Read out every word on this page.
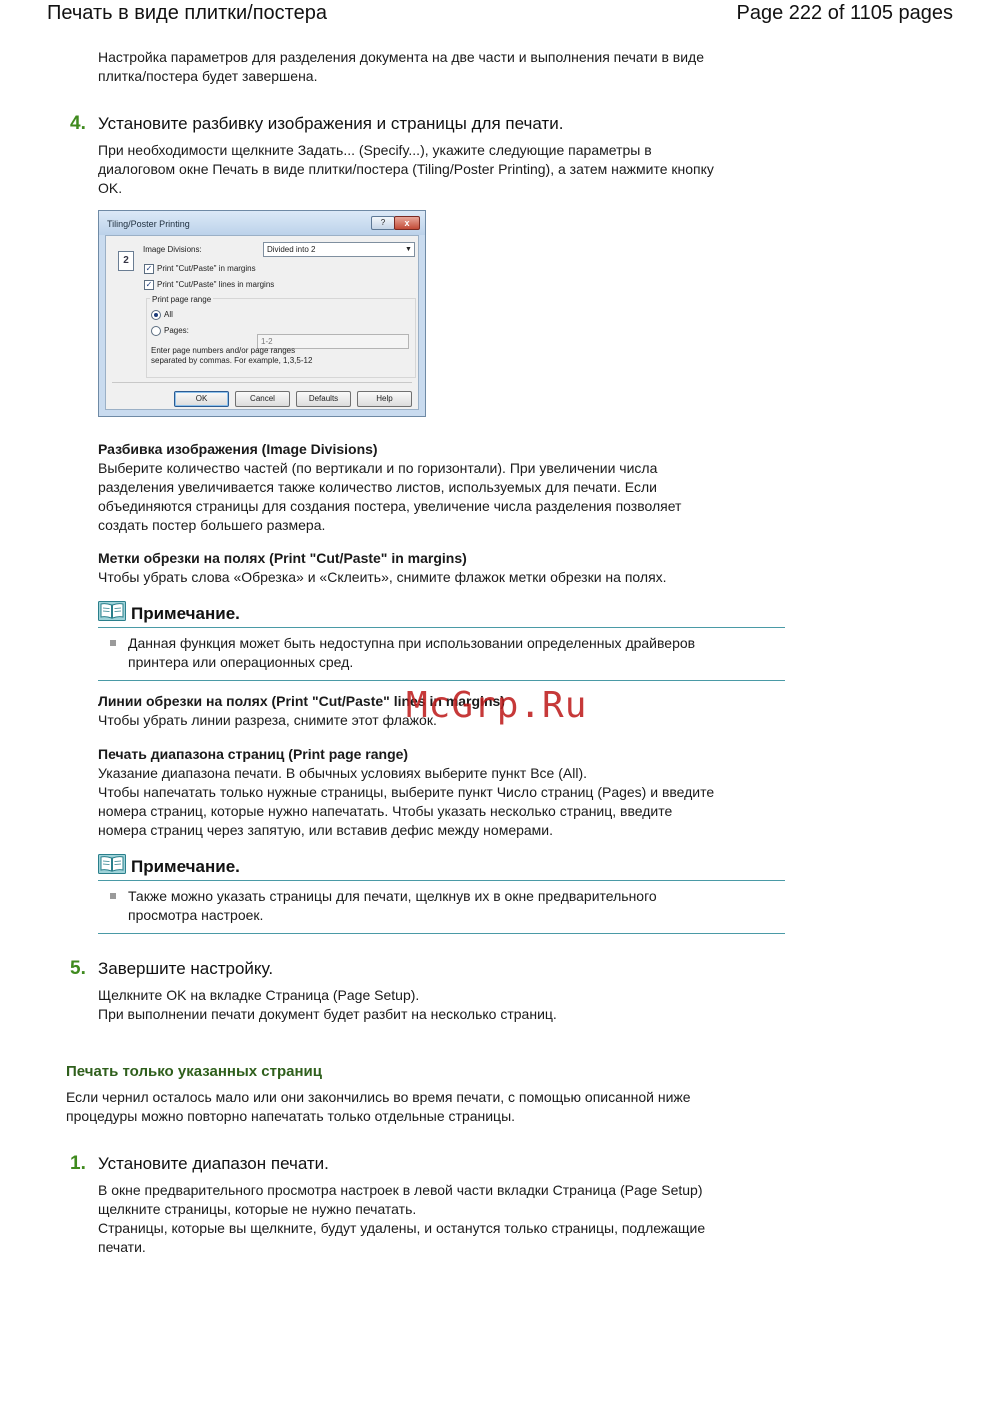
Печать в виде плитки/постера	Page 222 of 1105 pages
Настройка параметров для разделения документа на две части и выполнения печати в виде
плитка/постера будет завершена.
4. Установите разбивку изображения и страницы для печати.
При необходимости щелкните Задать... (Specify...), укажите следующие параметры в
диалоговом окне Печать в виде плитки/постера (Tiling/Poster Printing), а затем нажмите кнопку
OK.
Tiling/Poster Printing	?	x
2
Image Divisions:	Divided into 2	▼
✓ Print "Cut/Paste" in margins
✓ Print "Cut/Paste" lines in margins
Print page range
All
Pages:
1-2
Enter page numbers and/or page ranges
separated by commas. For example, 1,3,5-12
OK	Cancel	Defaults	Help
Разбивка изображения (Image Divisions)
Выберите количество частей (по вертикали и по горизонтали). При увеличении числа
разделения увеличивается также количество листов, используемых для печати. Если
объединяются страницы для создания постера, увеличение числа разделения позволяет
создать постер большего размера.
Метки обрезки на полях (Print "Cut/Paste" in margins)
Чтобы убрать слова «Обрезка» и «Склеить», снимите флажок метки обрезки на полях.
Примечание.
Данная функция может быть недоступна при использовании определенных драйверов
принтера или операционных сред.
Линии обрезки на полях (Print "Cut/Paste" lines in margins)
Чтобы убрать линии разреза, снимите этот флажок.
Печать диапазона страниц (Print page range)
Указание диапазона печати. В обычных условиях выберите пункт Все (All).
Чтобы напечатать только нужные страницы, выберите пункт Число страниц (Pages) и введите
номера страниц, которые нужно напечатать. Чтобы указать несколько страниц, введите
номера страниц через запятую, или вставив дефис между номерами.
Примечание.
Также можно указать страницы для печати, щелкнув их в окне предварительного
просмотра настроек.
5. Завершите настройку.
Щелкните OK на вкладке Страница (Page Setup).
При выполнении печати документ будет разбит на несколько страниц.
Печать только указанных страниц
Если чернил осталось мало или они закончились во время печати, с помощью описанной ниже
процедуры можно повторно напечатать только отдельные страницы.
1. Установите диапазон печати.
В окне предварительного просмотра настроек в левой части вкладки Страница (Page Setup)
щелкните страницы, которые не нужно печатать.
Страницы, которые вы щелкните, будут удалены, и останутся только страницы, подлежащие
печати.
McGrp.Ru
